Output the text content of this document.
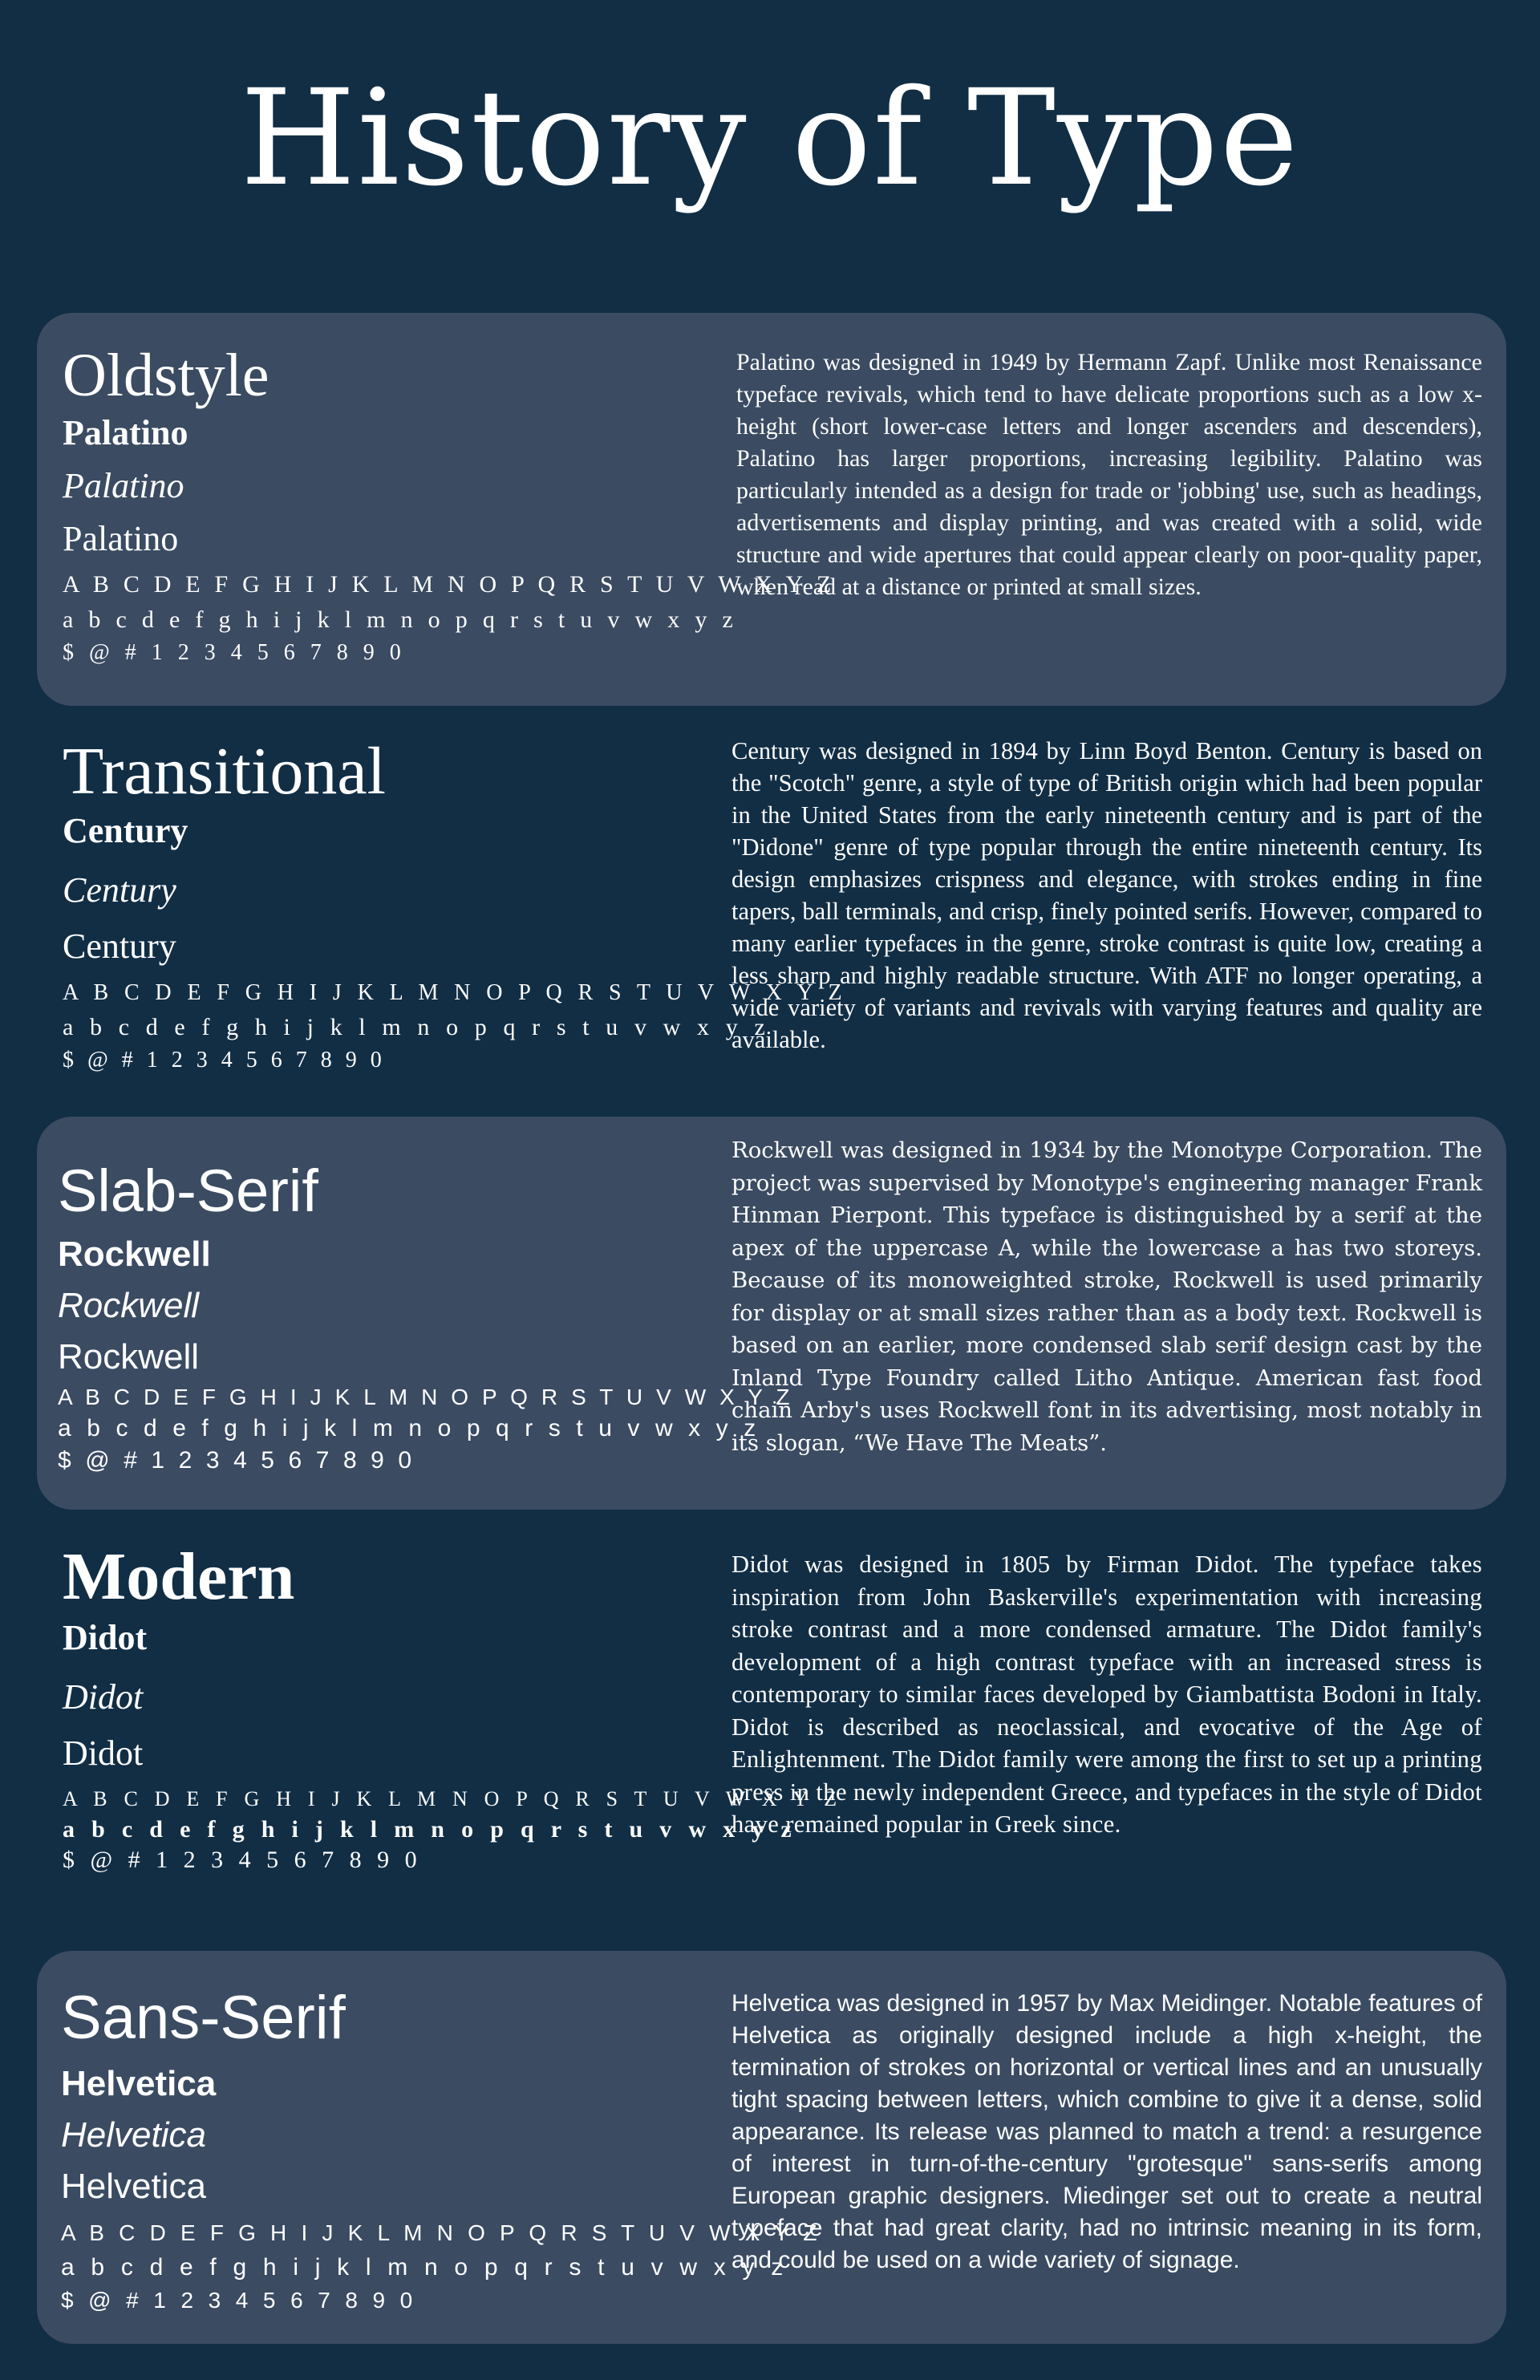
History of Type
Oldstyle
Palatino
Palatino
Palatino
A B C D E F G H I J K L M N O P Q R S T U V W X Y Z
a b c d e f g h i j k l m n o p q r s t u v w x y z
$ @ # 1 2 3 4 5 6 7 8 9 0

Palatino was designed in 1949 by Hermann Zapf. Unlike most Renaissance typeface revivals, which tend to have delicate proportions such as a low x-height (short lower-case letters and longer ascenders and descenders), Palatino has larger proportions, increasing legibility. Palatino was particularly intended as a design for trade or 'jobbing' use, such as headings, advertisements and display printing, and was created with a solid, wide structure and wide apertures that could appear clearly on poor-quality paper, when read at a distance or printed at small sizes.

Transitional
Century
Century
Century
A B C D E F G H I J K L M N O P Q R S T U V W X Y Z
a b c d e f g h i j k l m n o p q r s t u v w x y z
$ @ # 1 2 3 4 5 6 7 8 9 0

Century was designed in 1894 by Linn Boyd Benton. Century is based on the "Scotch" genre, a style of type of British origin which had been popular in the United States from the early nineteenth century and is part of the "Didone" genre of type popular through the entire nineteenth century. Its design emphasizes crispness and elegance, with strokes ending in fine tapers, ball terminals, and crisp, finely pointed serifs. However, compared to many earlier typefaces in the genre, stroke contrast is quite low, creating a less sharp and highly readable structure. With ATF no longer operating, a wide variety of variants and revivals with varying features and quality are available.

Slab-Serif
Rockwell
Rockwell
Rockwell
A B C D E F G H I J K L M N O P Q R S T U V W X Y Z
a b c d e f g h i j k l m n o p q r s t u v w x y z
$ @ # 1 2 3 4 5 6 7 8 9 0

Rockwell was designed in 1934 by the Monotype Corporation. The project was supervised by Monotype's engineering manager Frank Hinman Pierpont. This typeface is distinguished by a serif at the apex of the uppercase A, while the lowercase a has two storeys. Because of its monoweighted stroke, Rockwell is used primarily for display or at small sizes rather than as a body text. Rockwell is based on an earlier, more condensed slab serif design cast by the Inland Type Foundry called Litho Antique. American fast food chain Arby's uses Rockwell font in its advertising, most notably in its slogan, “We Have The Meats”.

Modern
Didot
Didot
Didot
A B C D E F G H I J K L M N O P Q R S T U V W X Y Z
a b c d e f g h i j k l m n o p q r s t u v w x y z
$ @ # 1 2 3 4 5 6 7 8 9 0

Didot was designed in 1805 by Firman Didot. The typeface takes inspiration from John Baskerville's experimentation with increasing stroke contrast and a more condensed armature. The Didot family's development of a high contrast typeface with an increased stress is contemporary to similar faces developed by Giambattista Bodoni in Italy. Didot is described as neoclassical, and evocative of the Age of Enlightenment. The Didot family were among the first to set up a printing press in the newly independent Greece, and typefaces in the style of Didot have remained popular in Greek since.

Sans-Serif
Helvetica
Helvetica
Helvetica
A B C D E F G H I J K L M N O P Q R S T U V W X Y Z
a b c d e f g h i j k l m n o p q r s t u v w x y z
$ @ # 1 2 3 4 5 6 7 8 9 0

Helvetica was designed in 1957 by Max Meidinger. Notable features of Helvetica as originally designed include a high x-height, the termination of strokes on horizontal or vertical lines and an unusually tight spacing between letters, which combine to give it a dense, solid appearance. Its release was planned to match a trend: a resurgence of interest in turn-of-the-century "grotesque" sans-serifs among European graphic designers. Miedinger set out to create a neutral typeface that had great clarity, had no intrinsic meaning in its form, and could be used on a wide variety of signage.
